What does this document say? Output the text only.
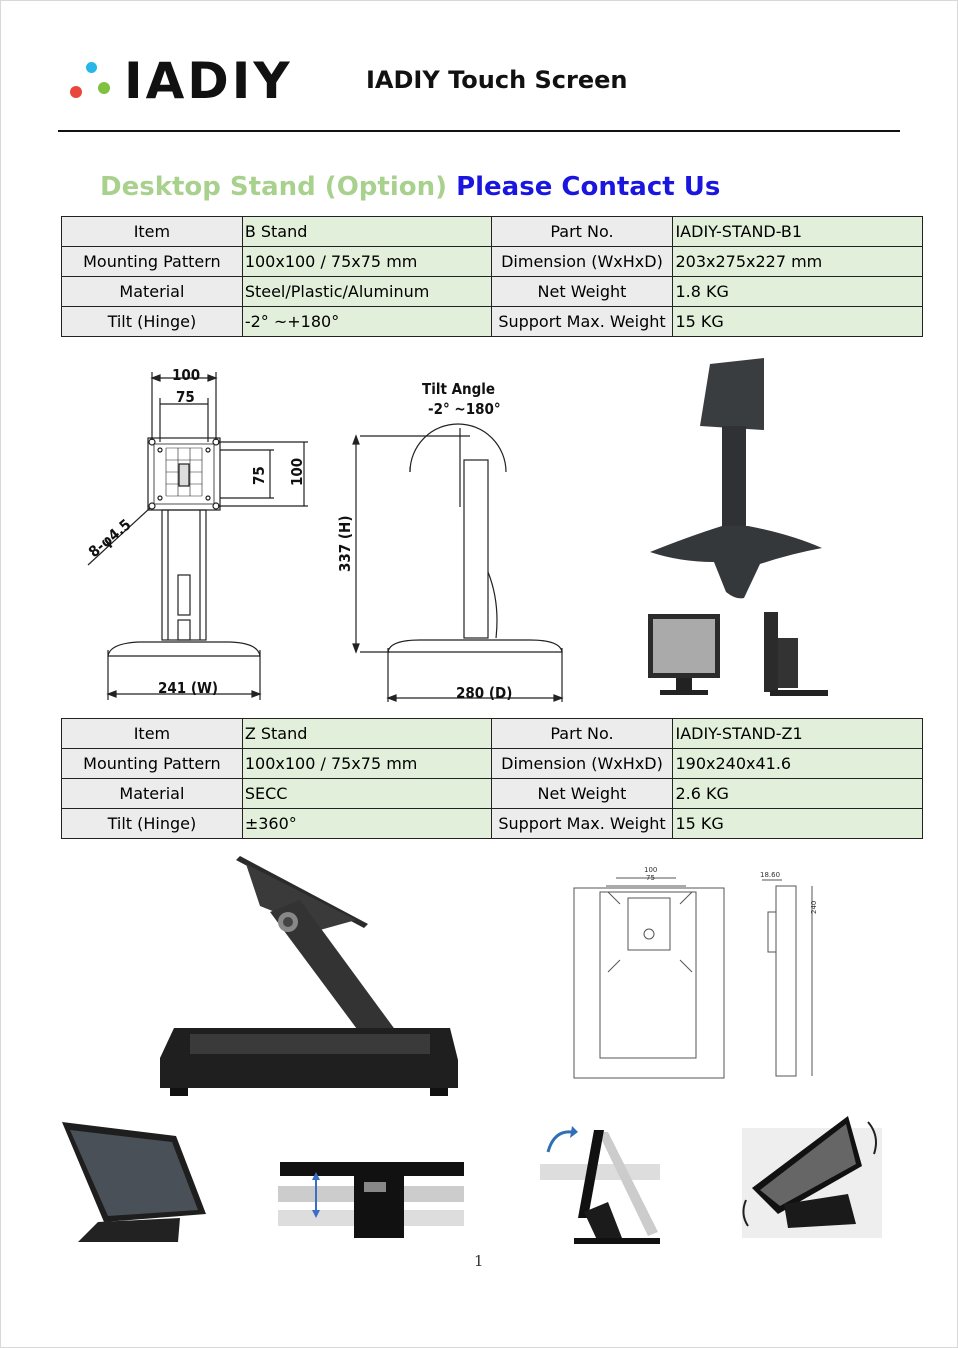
IADIY	IADIY Touch Screen
Desktop Stand (Option) Please Contact Us
Item	B Stand	Part No.	IADIY-STAND-B1
Mounting Pattern	100x100 / 75x75 mm	Dimension (WxHxD)	203x275x227 mm
Material	Steel/Plastic/Aluminum	Net Weight	1.8 KG
Tilt (Hinge)	-2° ~+180°	Support Max. Weight	15 KG
100
75
75 100
8-φ4.5
241 (W)
Tilt Angle
-2° ~180°
337 (H)
280 (D)
Item	Z Stand	Part No.	IADIY-STAND-Z1
Mounting Pattern	100x100 / 75x75 mm	Dimension (WxHxD)	190x240x41.6
Material	SECC	Net Weight	2.6 KG
Tilt (Hinge)	±360°	Support Max. Weight	15 KG
100
75	18.60
240
1
